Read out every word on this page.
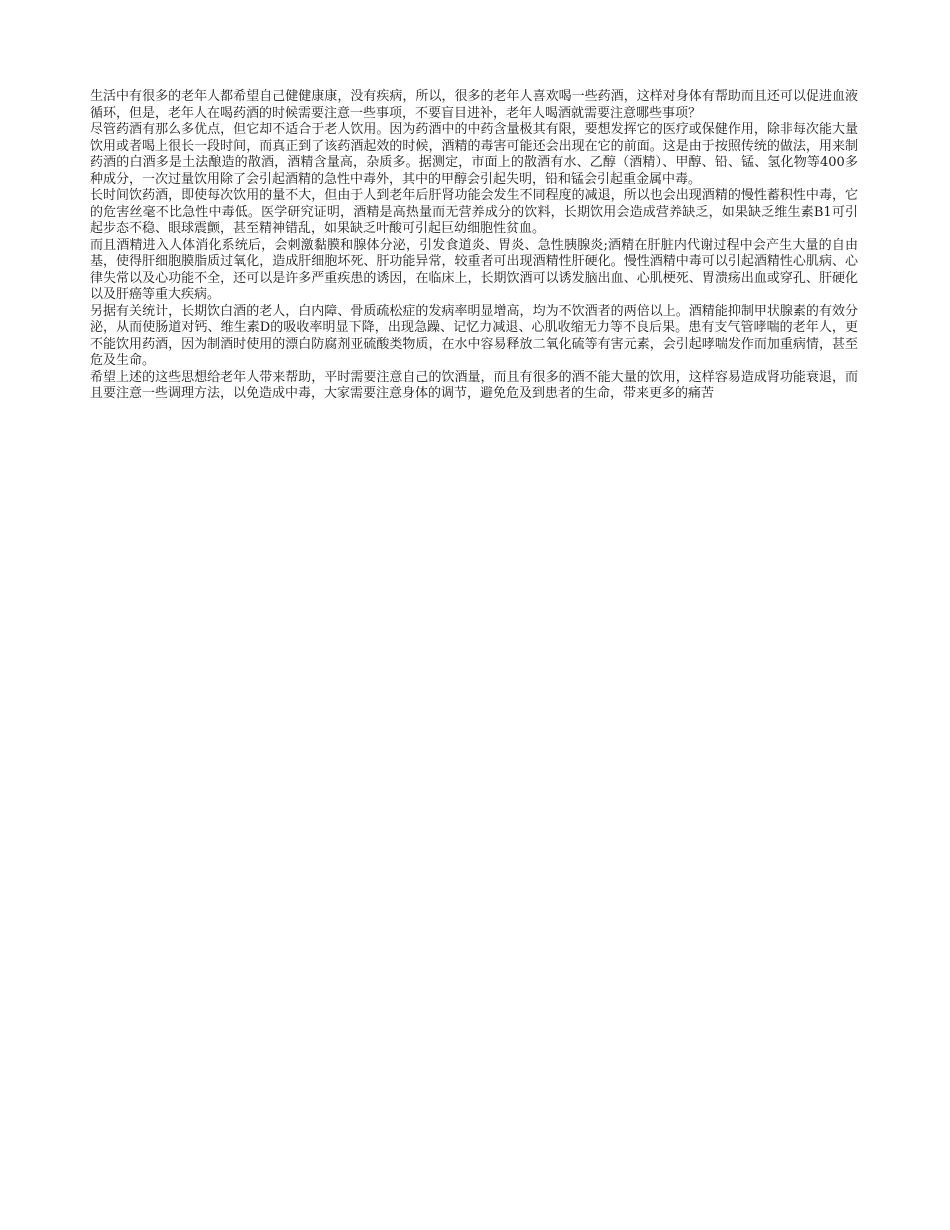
生活中有很多的老年人都希望自己健健康康，没有疾病，所以，很多的老年人喜欢喝一些药酒，这样对身体有帮助而且还可以促进血液循环，但是，老年人在喝药酒的时候需要注意一些事项，不要盲目进补，老年人喝酒就需要注意哪些事项？

尽管药酒有那么多优点，但它却不适合于老人饮用。因为药酒中的中药含量极其有限，要想发挥它的医疗或保健作用，除非每次能大量饮用或者喝上很长一段时间，而真正到了该药酒起效的时候，酒精的毒害可能还会出现在它的前面。这是由于按照传统的做法，用来制药酒的白酒多是土法酿造的散酒，酒精含量高，杂质多。据测定，市面上的散酒有水、乙醇（酒精）、甲醇、铅、锰、氢化物等400多种成分，一次过量饮用除了会引起酒精的急性中毒外，其中的甲醇会引起失明，铅和锰会引起重金属中毒。

长时间饮药酒，即使每次饮用的量不大，但由于人到老年后肝肾功能会发生不同程度的减退，所以也会出现酒精的慢性蓄积性中毒，它的危害丝毫不比急性中毒低。医学研究证明，酒精是高热量而无营养成分的饮料，长期饮用会造成营养缺乏，如果缺乏维生素B1可引起步态不稳、眼球震颤，甚至精神错乱，如果缺乏叶酸可引起巨幼细胞性贫血。

而且酒精进入人体消化系统后，会刺激黏膜和腺体分泌，引发食道炎、胃炎、急性胰腺炎;酒精在肝脏内代谢过程中会产生大量的自由基，使得肝细胞膜脂质过氧化，造成肝细胞坏死、肝功能异常，较重者可出现酒精性肝硬化。慢性酒精中毒可以引起酒精性心肌病、心律失常以及心功能不全，还可以是许多严重疾患的诱因，在临床上，长期饮酒可以诱发脑出血、心肌梗死、胃溃疡出血或穿孔、肝硬化以及肝癌等重大疾病。

另据有关统计，长期饮白酒的老人，白内障、骨质疏松症的发病率明显增高，均为不饮酒者的两倍以上。酒精能抑制甲状腺素的有效分泌，从而使肠道对钙、维生素D的吸收率明显下降，出现急躁、记忆力减退、心肌收缩无力等不良后果。患有支气管哮喘的老年人，更不能饮用药酒，因为制酒时使用的漂白防腐剂亚硫酸类物质，在水中容易释放二氧化硫等有害元素，会引起哮喘发作而加重病情，甚至危及生命。

希望上述的这些思想给老年人带来帮助，平时需要注意自己的饮酒量，而且有很多的酒不能大量的饮用，这样容易造成肾功能衰退，而且要注意一些调理方法，以免造成中毒，大家需要注意身体的调节，避免危及到患者的生命，带来更多的痛苦
